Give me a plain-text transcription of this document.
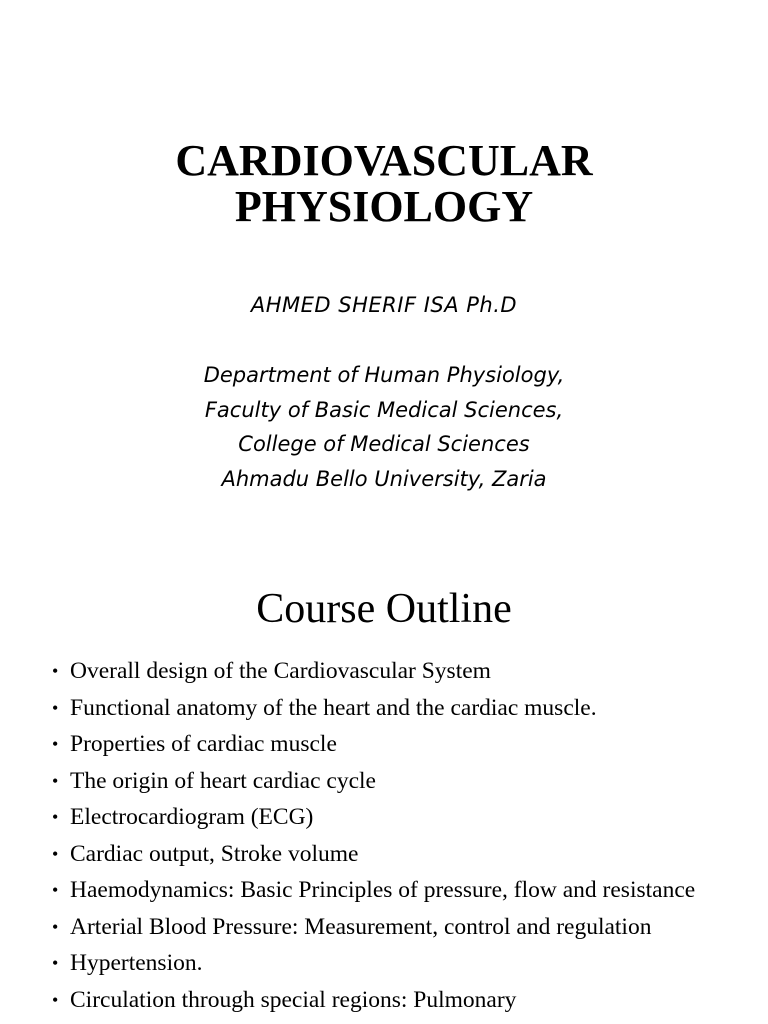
CARDIOVASCULAR
PHYSIOLOGY
AHMED SHERIF ISA Ph.D
Department of Human Physiology,
Faculty of Basic Medical Sciences,
College of Medical Sciences
Ahmadu Bello University, Zaria
Course Outline
• Overall design of the Cardiovascular System
• Functional anatomy of the heart and the cardiac muscle.
• Properties of cardiac muscle
• The origin of heart cardiac cycle
• Electrocardiogram (ECG)
• Cardiac output, Stroke volume
• Haemodynamics: Basic Principles of pressure, flow and resistance
• Arterial Blood Pressure: Measurement, control and regulation
• Hypertension.
• Circulation through special regions: Pulmonary
